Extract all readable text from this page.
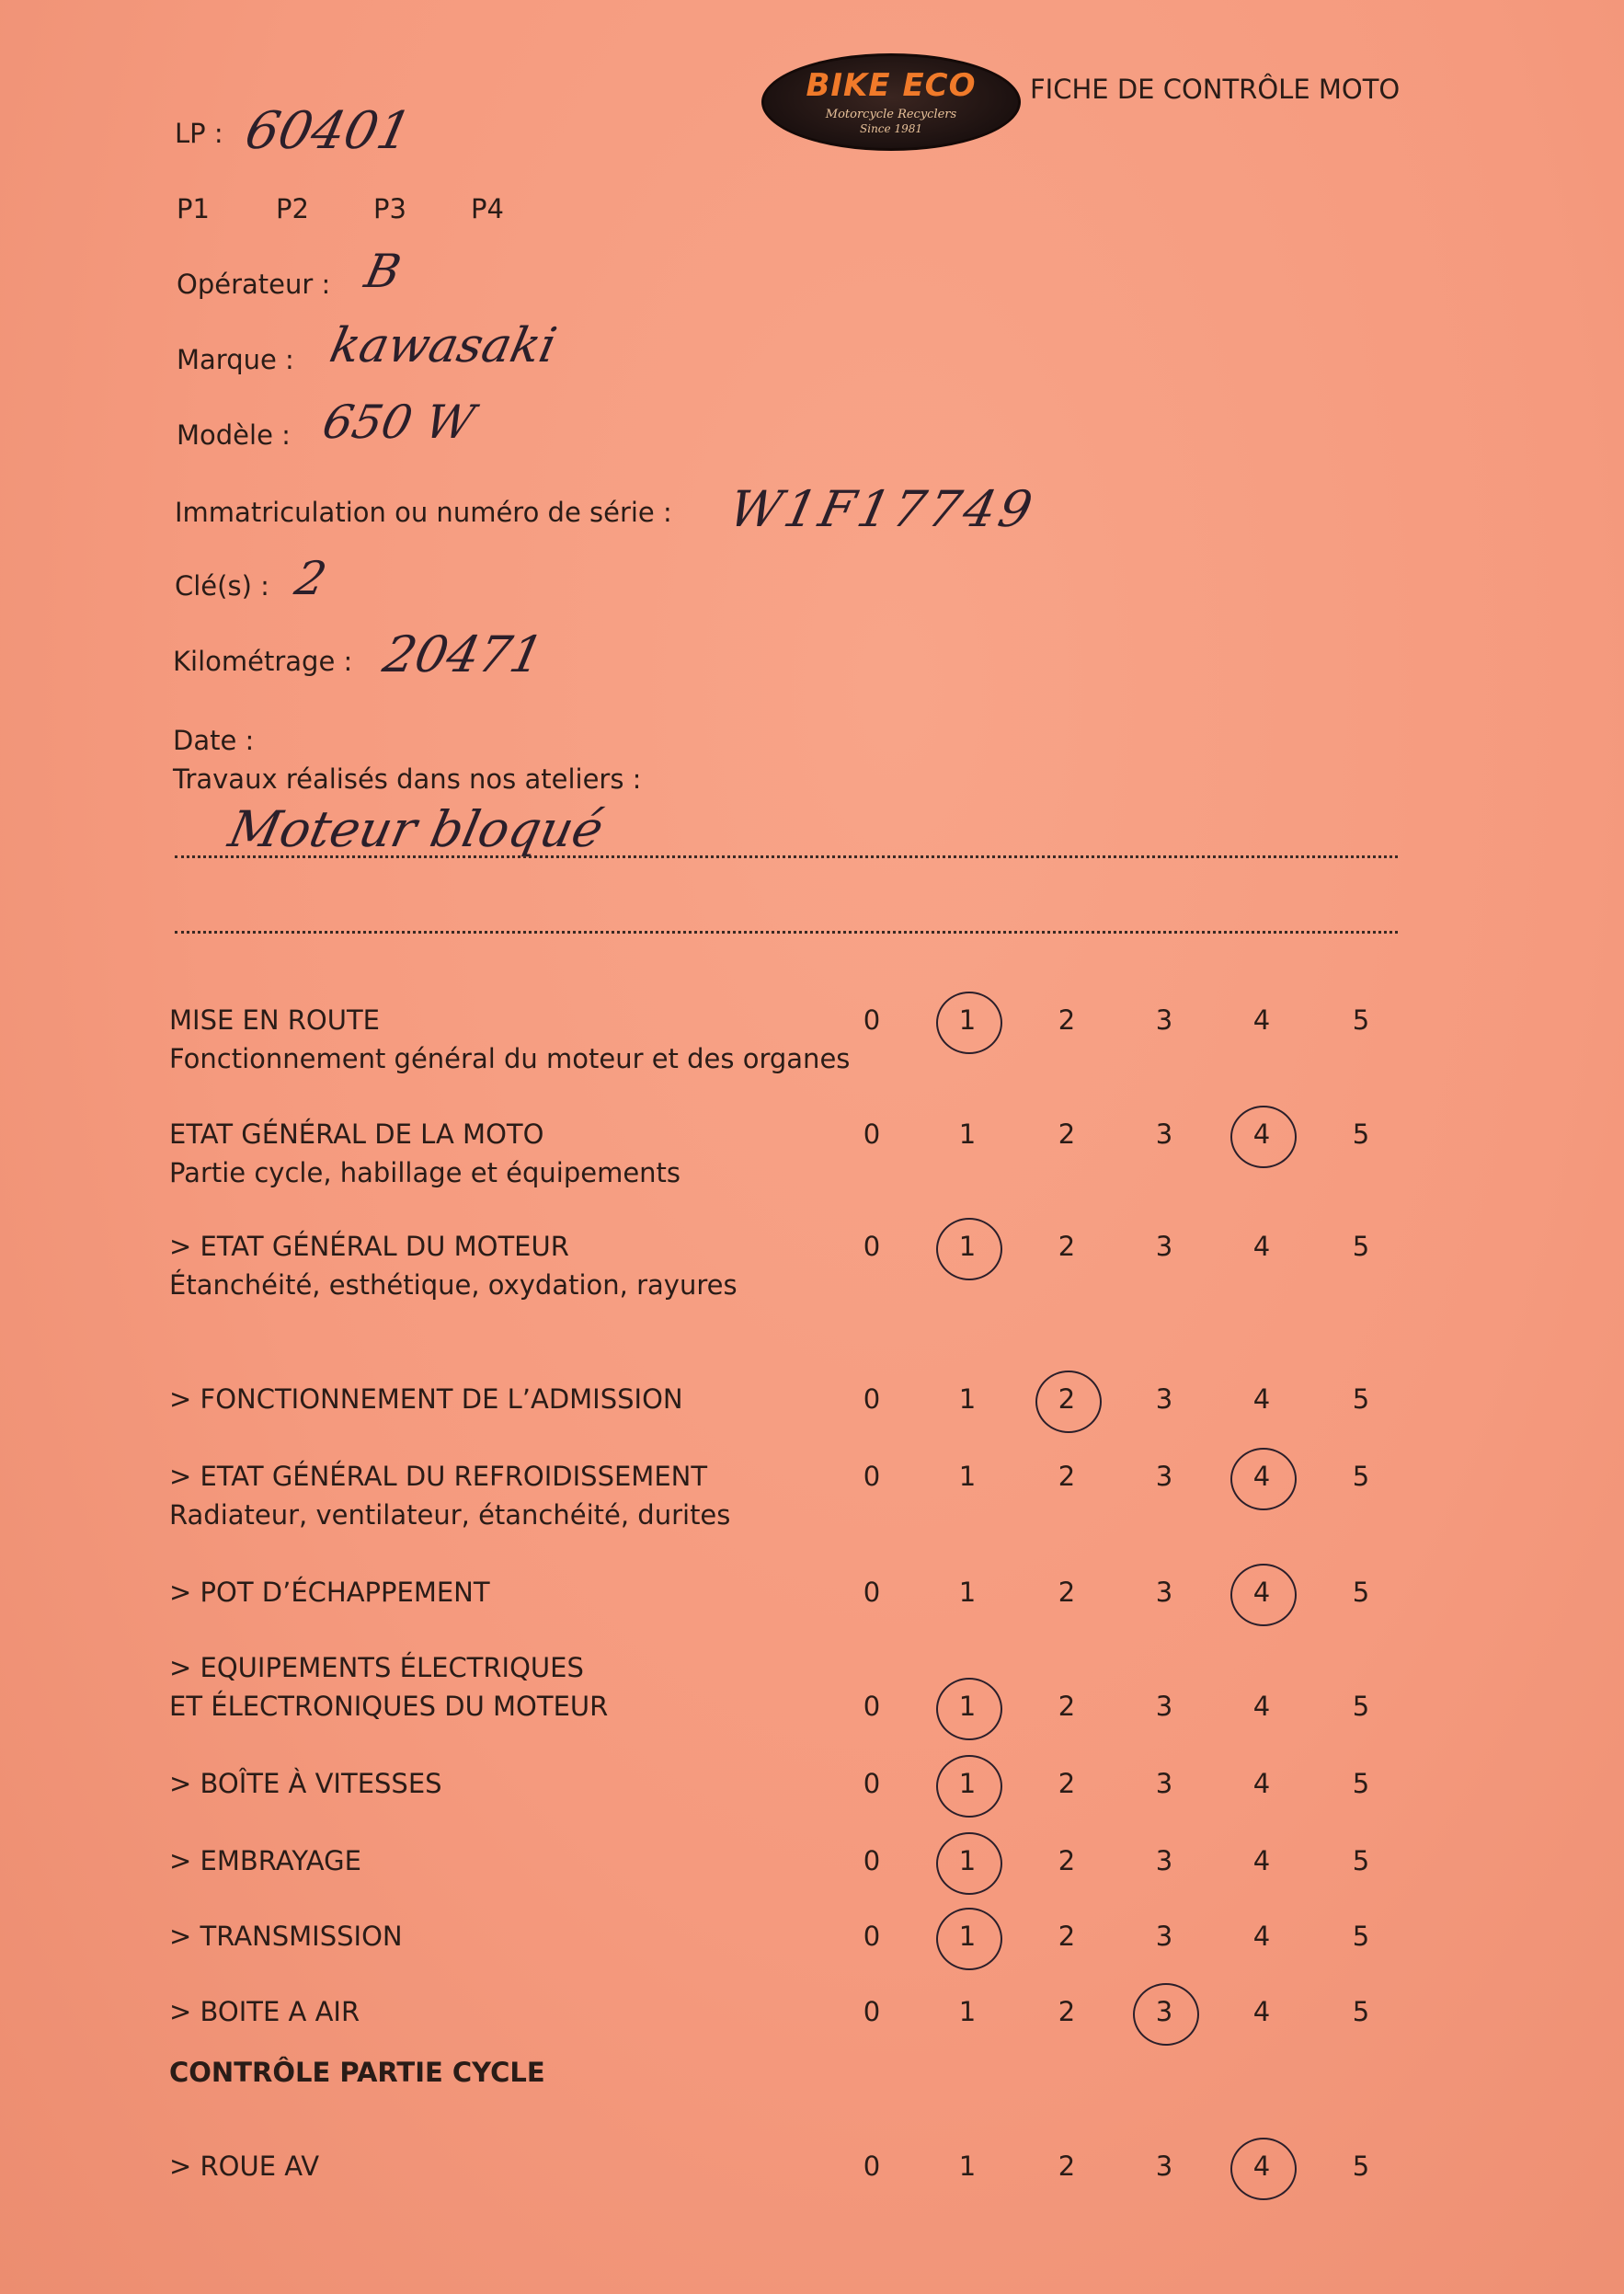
BIKE ECO
Motorcycle Recyclers
Since 1981
FICHE DE CONTRÔLE MOTO
LP : 60401
P1 P2 P3 P4
Opérateur : B
Marque : kawasaki
Modèle : 650 W
Immatriculation ou numéro de série : W1F17749
Clé(s) : 2
Kilométrage : 20471
Date :
Travaux réalisés dans nos ateliers :
Moteur bloqué
MISE EN ROUTE
Fonctionnement général du moteur et des organes
0	1	2	3	4	5
ETAT GÉNÉRAL DE LA MOTO
Partie cycle, habillage et équipements
0	1	2	3	4	5
> ETAT GÉNÉRAL DU MOTEUR
Étanchéité, esthétique, oxydation, rayures
0	1	2	3	4	5
> FONCTIONNEMENT DE L’ADMISSION	0	1	2	3	4	5
> ETAT GÉNÉRAL DU REFROIDISSEMENT
Radiateur, ventilateur, étanchéité, durites
0	1	2	3	4	5
> POT D’ÉCHAPPEMENT	0	1	2	3	4	5
> EQUIPEMENTS ÉLECTRIQUES
ET ÉLECTRONIQUES DU MOTEUR	0	1	2	3	4	5
> BOÎTE À VITESSES	0	1	2	3	4	5
> EMBRAYAGE	0	1	2	3	4	5
> TRANSMISSION	0	1	2	3	4	5
> BOITE A AIR	0	1	2	3	4	5
> ROUE AV	0	1	2	3	4	5
CONTRÔLE PARTIE CYCLE
